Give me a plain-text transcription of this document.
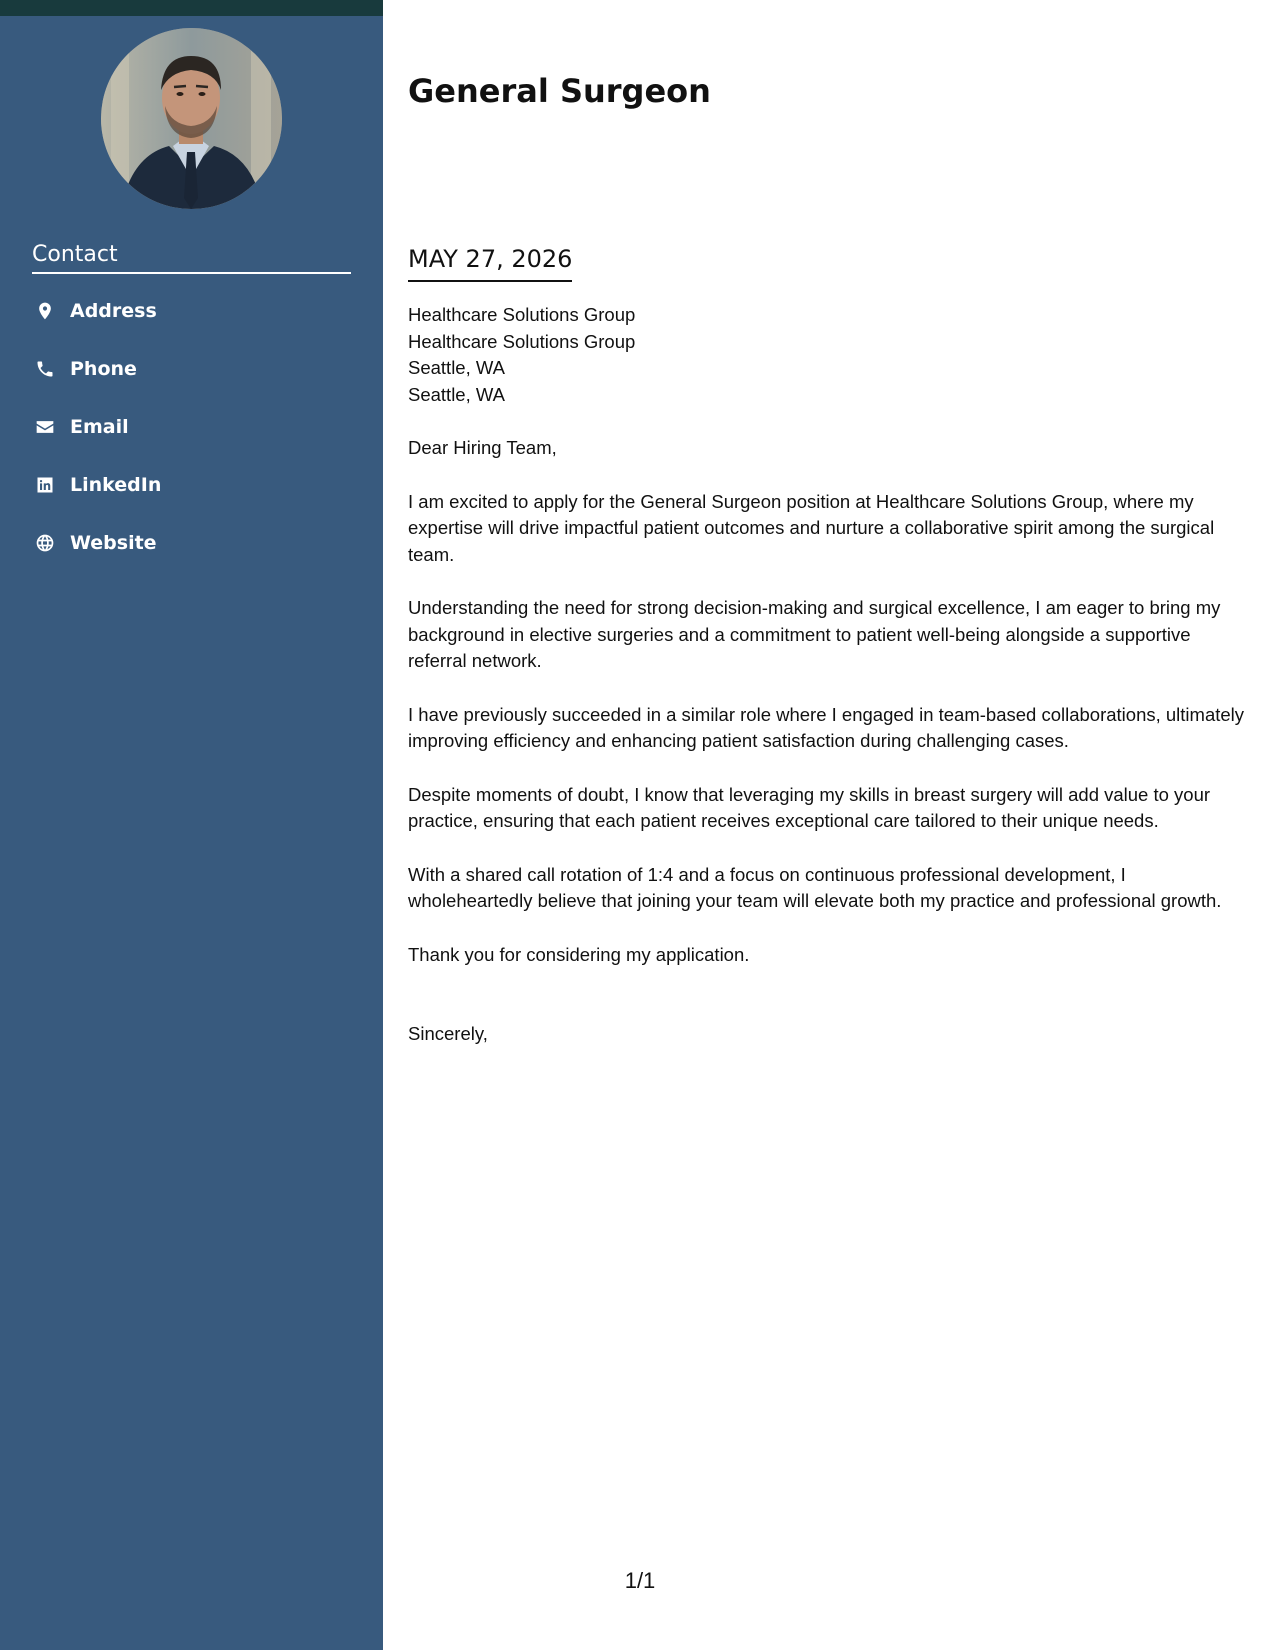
Contact
Address
Phone
Email
LinkedIn
Website
General Surgeon
MAY 27, 2026
Healthcare Solutions Group
Healthcare Solutions Group
Seattle, WA
Seattle, WA

Dear Hiring Team,

I am excited to apply for the General Surgeon position at Healthcare Solutions Group, where my expertise will drive impactful patient outcomes and nurture a collaborative spirit among the surgical team.

Understanding the need for strong decision-making and surgical excellence, I am eager to bring my background in elective surgeries and a commitment to patient well-being alongside a supportive referral network.

I have previously succeeded in a similar role where I engaged in team-based collaborations, ultimately improving efficiency and enhancing patient satisfaction during challenging cases.

Despite moments of doubt, I know that leveraging my skills in breast surgery will add value to your practice, ensuring that each patient receives exceptional care tailored to their unique needs.

With a shared call rotation of 1:4 and a focus on continuous professional development, I wholeheartedly believe that joining your team will elevate both my practice and professional growth.

Thank you for considering my application.

Sincerely,

1/1
